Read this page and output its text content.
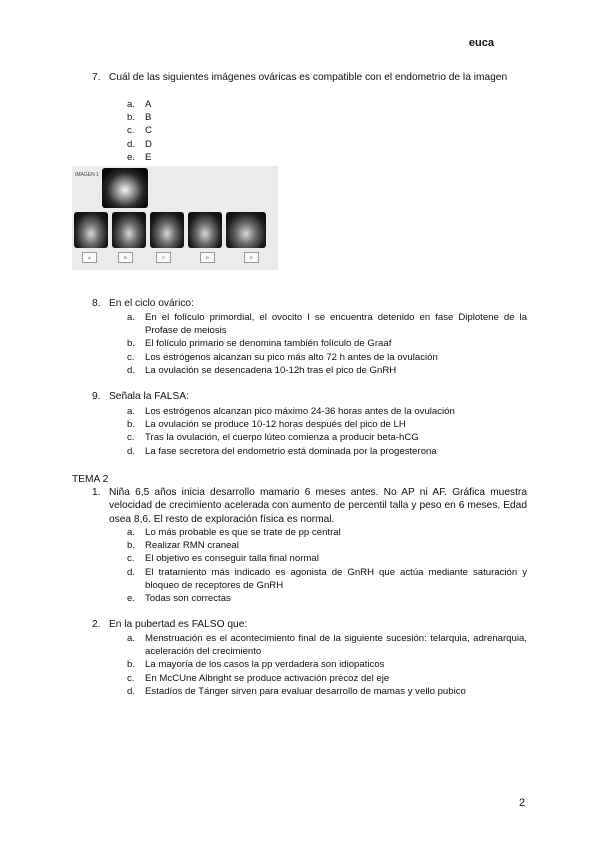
euca
7. Cuál de las siguientes imágenes ováricas es compatible con el endometrio de la imagen
a.	A
b.	B
c.	C
d.	D
e.	E
IMAGEN 1
A	B	C	D	E
8. En el ciclo ovárico:
a.	En el folículo primordial, el ovocito I se encuentra detenido en fase Diplotene de la Profase de meiosis
b.	El folículo primario se denomina también folículo de Graaf
c.	Los estrógenos alcanzan su pico más alto 72 h antes de la ovulación
d.	La ovulación se desencadena 10-12h tras el pico de GnRH
9. Señala la FALSA:
a.	Los estrógenos alcanzan pico máximo 24-36 horas antes de la ovulación
b.	La ovulación se produce 10-12 horas después del pico de LH
c.	Tras la ovulación, el cuerpo lúteo comienza a producir beta-hCG
d.	La fase secretora del endometrio está dominada por la progesterona
TEMA 2
1. Niña 6,5 años inicia desarrollo mamario 6 meses antes. No AP ni AF. Gráfica muestra velocidad de crecimiento acelerada con aumento de percentil talla y peso en 6 meses. Edad osea 8,6. El resto de exploración física es normal.
a.	Lo más probable es que se trate de pp central
b.	Realizar RMN craneal
c.	El objetivo es conseguir talla final normal
d.	El tratamiento más indicado es agonista de GnRH que actúa mediante saturación y bloqueo de receptores de GnRH
e.	Todas son correctas
2. En la pubertad es FALSO que:
a.	Menstruación es el acontecimiento final de la siguiente sucesión: telarquia, adrenarquia, aceleración del crecimiento
b.	La mayoría de los casos la pp verdadera son idiopaticos
c.	En McCUne Albright se produce activación precoz del eje
d.	Estadíos de Tánger sirven para evaluar desarrollo de mamas y vello pubico
2
